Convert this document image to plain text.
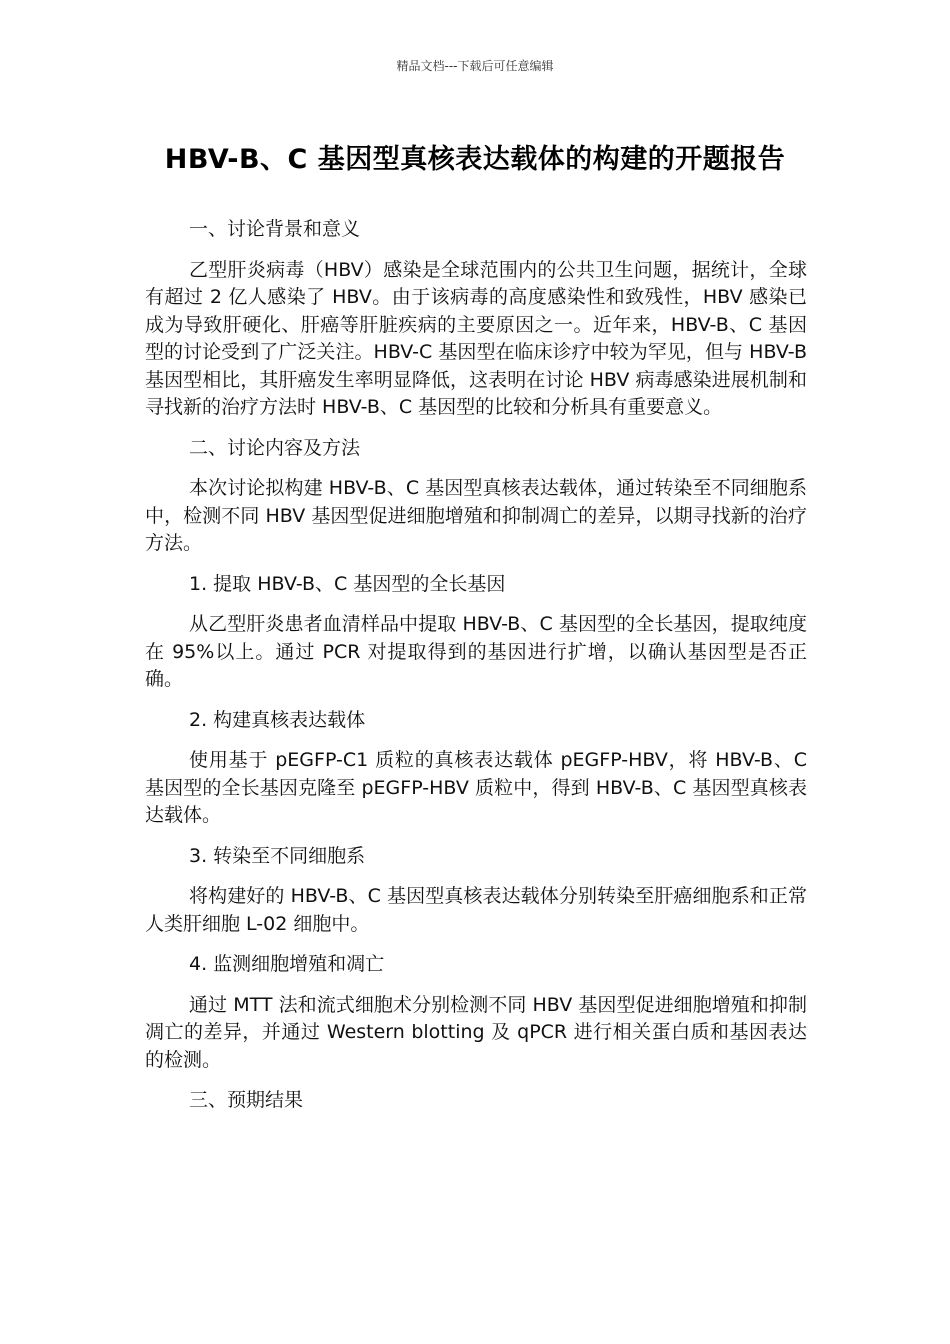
精品文档---下载后可任意编辑
HBV-B、C 基因型真核表达载体的构建的开题报告

一、讨论背景和意义

乙型肝炎病毒（HBV）感染是全球范围内的公共卫生问题，据统计，全球有超过 2 亿人感染了 HBV。由于该病毒的高度感染性和致残性，HBV 感染已成为导致肝硬化、肝癌等肝脏疾病的主要原因之一。近年来，HBV-B、C 基因型的讨论受到了广泛关注。HBV-C 基因型在临床诊疗中较为罕见，但与 HBV-B 基因型相比，其肝癌发生率明显降低，这表明在讨论 HBV 病毒感染进展机制和寻找新的治疗方法时 HBV-B、C 基因型的比较和分析具有重要意义。

二、讨论内容及方法

本次讨论拟构建 HBV-B、C 基因型真核表达载体，通过转染至不同细胞系中，检测不同 HBV 基因型促进细胞增殖和抑制凋亡的差异，以期寻找新的治疗方法。

1. 提取 HBV-B、C 基因型的全长基因

从乙型肝炎患者血清样品中提取 HBV-B、C 基因型的全长基因，提取纯度在 95%以上。通过 PCR 对提取得到的基因进行扩增，以确认基因型是否正确。

2. 构建真核表达载体

使用基于 pEGFP-C1 质粒的真核表达载体 pEGFP-HBV，将 HBV-B、C 基因型的全长基因克隆至 pEGFP-HBV 质粒中，得到 HBV-B、C 基因型真核表达载体。

3. 转染至不同细胞系

将构建好的 HBV-B、C 基因型真核表达载体分别转染至肝癌细胞系和正常人类肝细胞 L-02 细胞中。

4. 监测细胞增殖和凋亡

通过 MTT 法和流式细胞术分别检测不同 HBV 基因型促进细胞增殖和抑制凋亡的差异，并通过 Western blotting 及 qPCR 进行相关蛋白质和基因表达的检测。

三、预期结果
